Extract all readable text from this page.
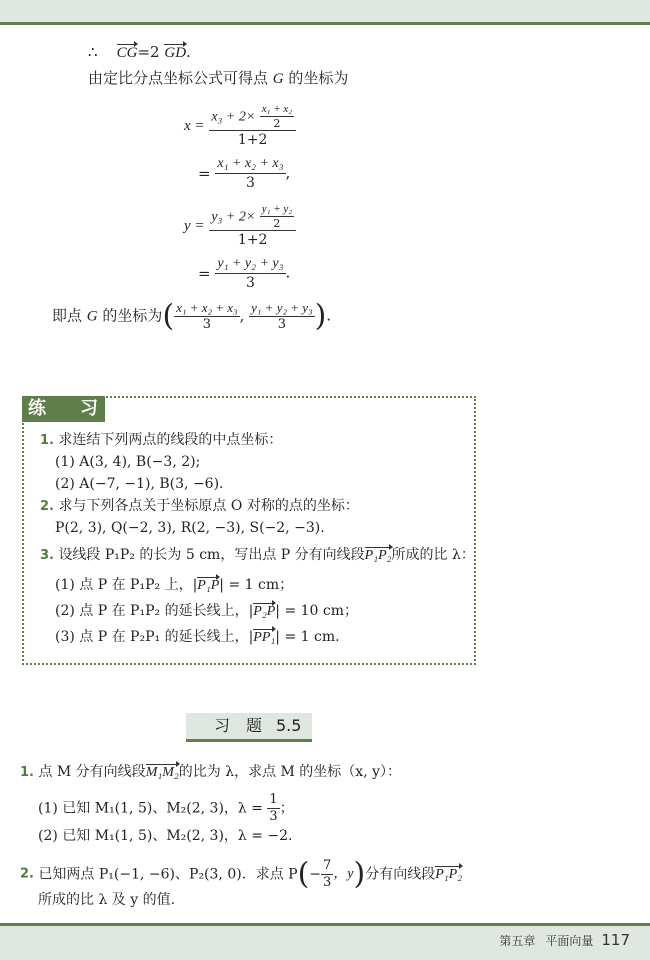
∴ CG=2 GD.
由定比分点坐标公式可得点 G 的坐标为
$x = \frac{x_3 + 2\times \frac{\text{x₁ + x₂}}{2}}{1+2}$
= $\frac{\text{x₁ + x₂ + x₃}}{3}$ ,
$y = \frac{y_3 + 2\times \frac{\text{y₁ + y₂}}{2}}{1+2}$
= $\frac{\text{y₁ + y₂ + y₃}}{3}$ .
即点 G 的坐标为( $\frac{\text{x₁ + x₂ + x₃}}{3}$ , $\frac{\text{y₁ + y₂ + y₃}}{3}$ ).
练 习
1. 求连结下列两点的线段的中点坐标：
(1) A(3, 4), B(−3, 2);
(2) A(−7, −1), B(3, −6).
2. 求与下列各点关于坐标原点 O 对称的点的坐标：
P(2, 3), Q(−2, 3), R(2, −3), S(−2, −3).
3. 设线段 P₁P₂ 的长为 5 cm，写出点 P 分有向线段P₁P₂所成的比 λ：
(1) 点 P 在 P₁P₂ 上，|P₁P| = 1 cm；
(2) 点 P 在 P₁P₂ 的延长线上，|P₂P| = 10 cm；
(3) 点 P 在 P₂P₁ 的延长线上，|PP₁| = 1 cm.
习 题 5.5
1. 点 M 分有向线段M₁M₂的比为 λ，求点 M 的坐标（x, y）：
(1) 已知 M₁(1, 5)、M₂(2, 3)，$\lambda = \frac{1}{3}$ ；
(2) 已知 M₁(1, 5)、M₂(2, 3)，λ = −2.
2. 已知两点 P₁(−1, −6)、P₂(3, 0)．求点 $P(- \frac{7}{3}$ ，y)分有向线段P₁P₂
所成的比 λ 及 y 的值.
第五章 平面向量 117
